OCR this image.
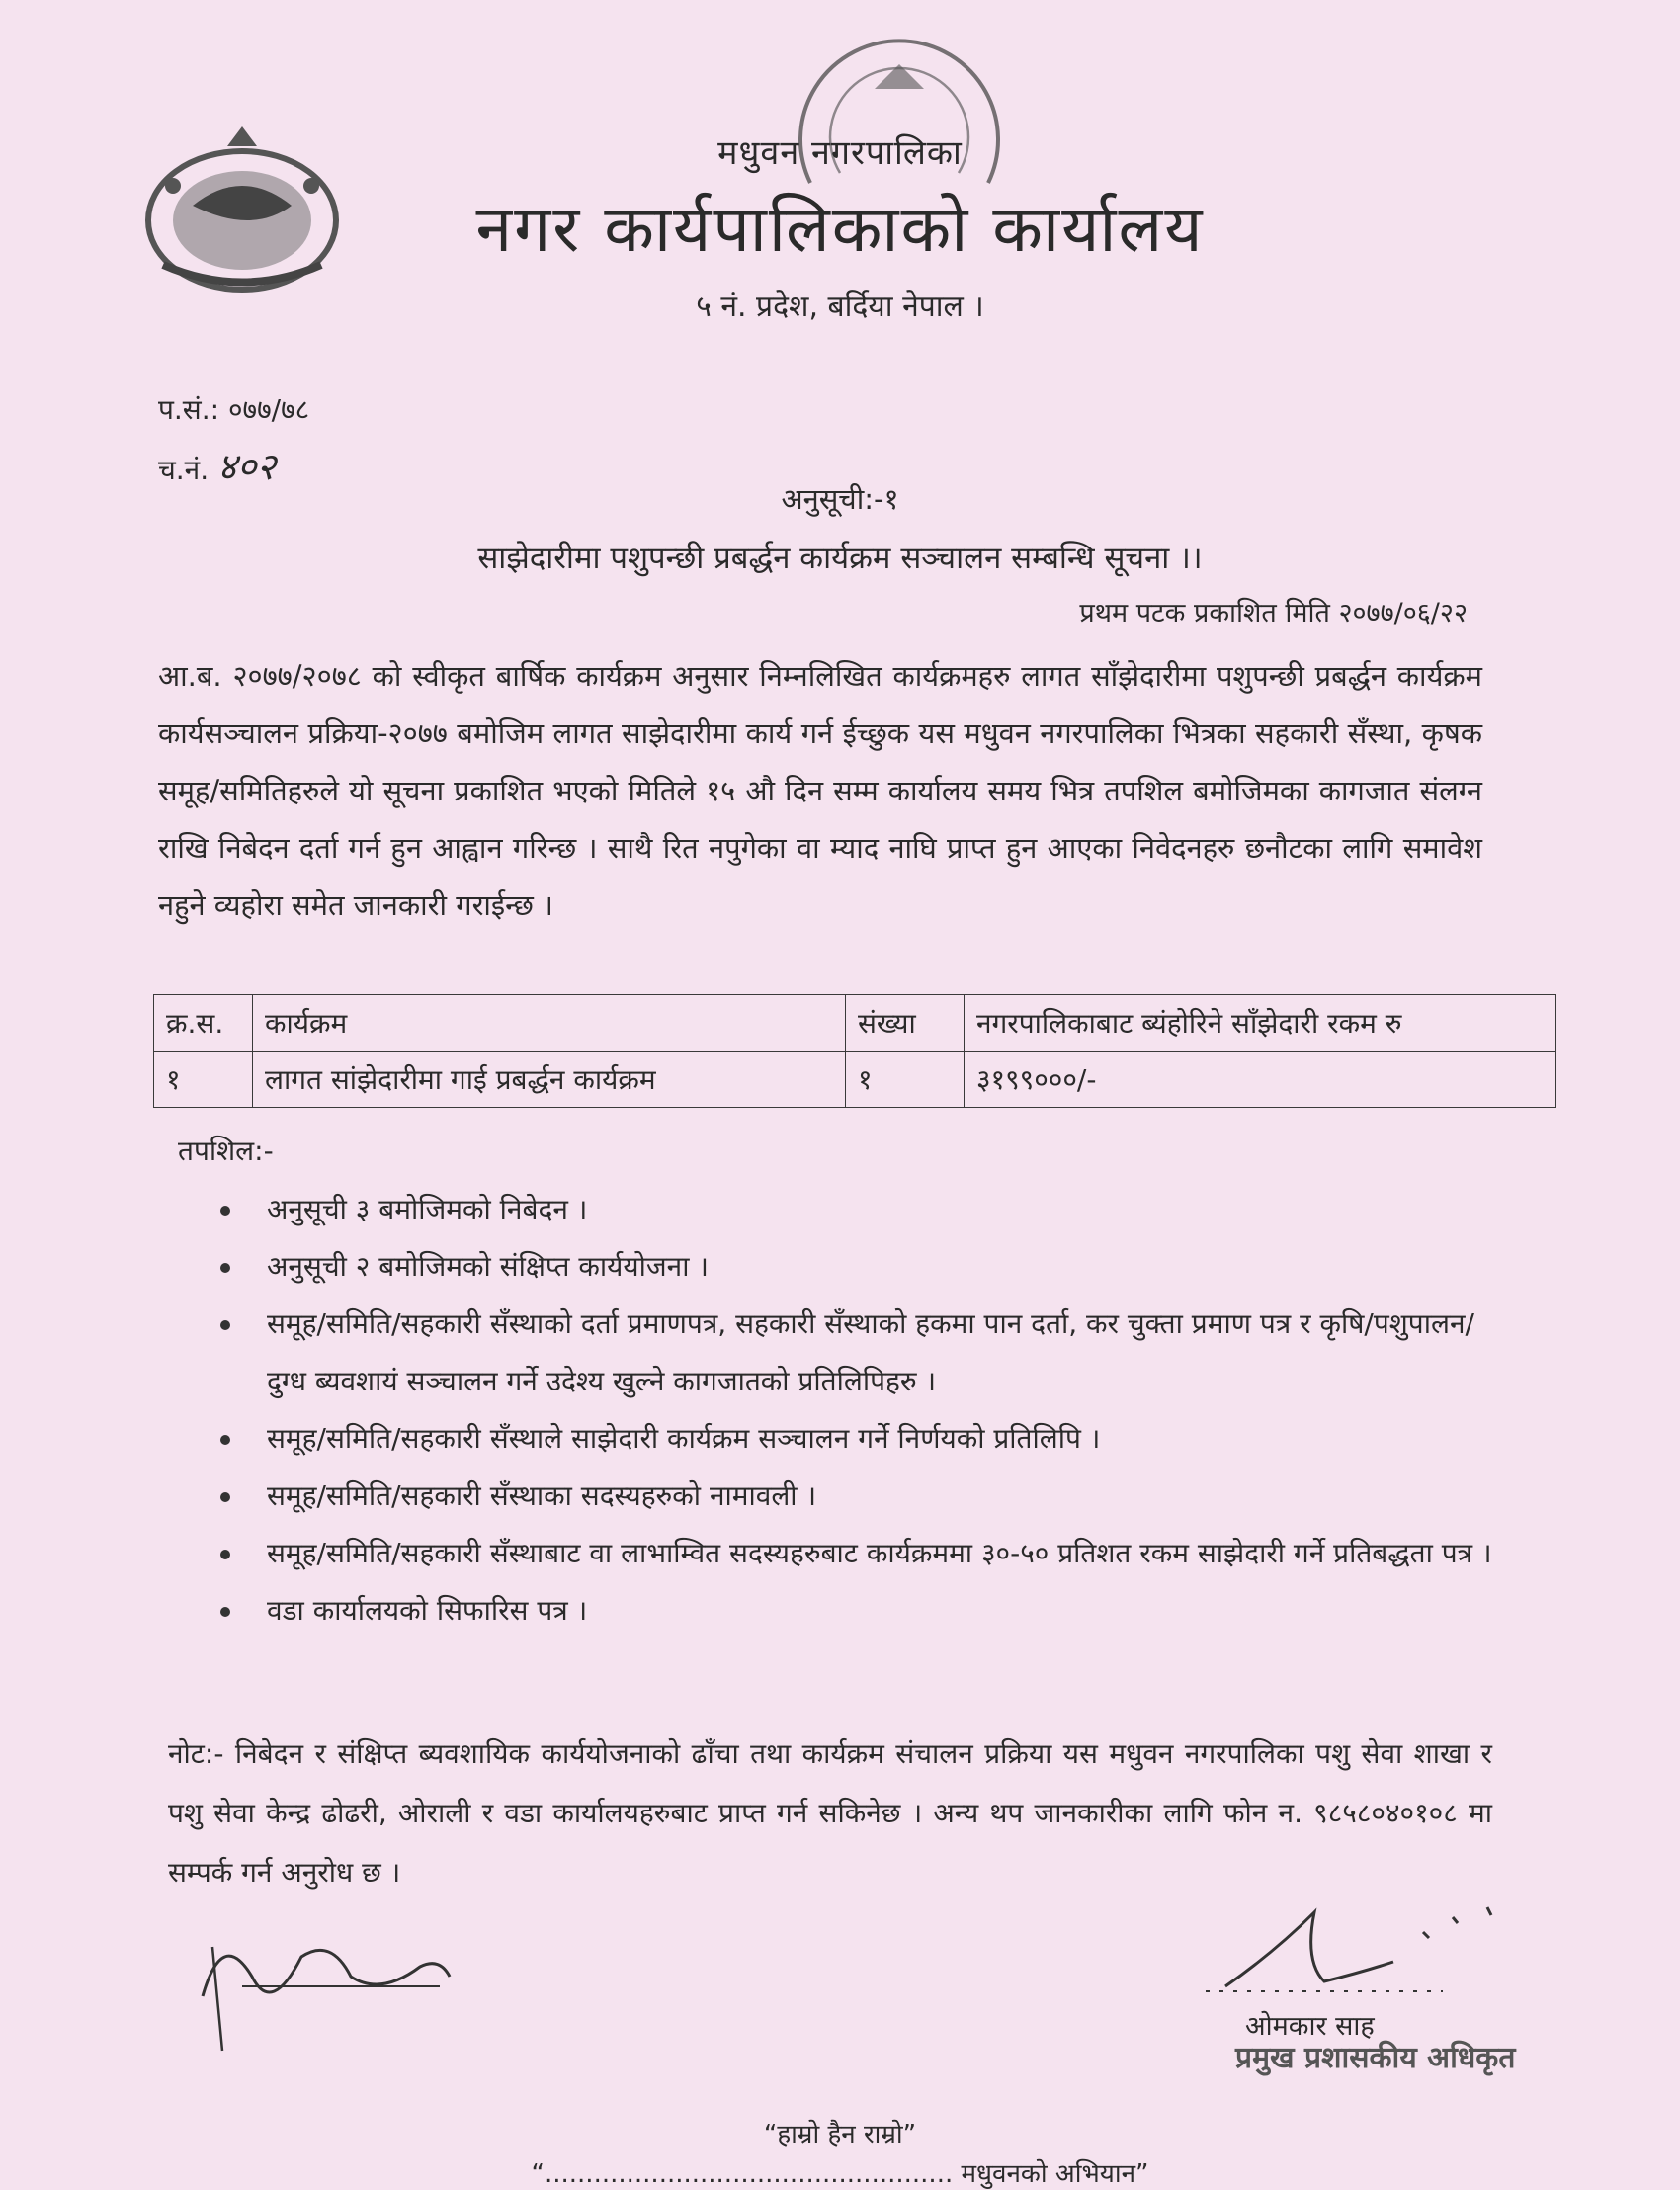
मधुवन नगरपालिका
नगर कार्यपालिकाको कार्यालय
५ नं. प्रदेश, बर्दिया नेपाल ।
प.सं.: ०७७/७८
च.नं. ४०२
अनुसूची:-१
साझेदारीमा पशुपन्छी प्रबर्द्धन कार्यक्रम सञ्चालन सम्बन्धि सूचना ।।
प्रथम पटक प्रकाशित मिति २०७७/०६/२२
आ.ब. २०७७/२०७८ को स्वीकृत बार्षिक कार्यक्रम अनुसार निम्नलिखित कार्यक्रमहरु लागत साँझेदारीमा पशुपन्छी प्रबर्द्धन कार्यक्रम कार्यसञ्चालन प्रक्रिया-२०७७ बमोजिम लागत साझेदारीमा कार्य गर्न ईच्छुक यस मधुवन नगरपालिका भित्रका सहकारी सँस्था, कृषक समूह/समितिहरुले यो सूचना प्रकाशित भएको मितिले १५ औ दिन सम्म कार्यालय समय भित्र तपशिल बमोजिमका कागजात संलग्न राखि निबेदन दर्ता गर्न हुन आह्वान गरिन्छ । साथै रित नपुगेका वा म्याद नाघि प्राप्त हुन आएका निवेदनहरु छनौटका लागि समावेश नहुने व्यहोरा समेत जानकारी गराईन्छ ।
क्र.स.	कार्यक्रम	संख्या	नगरपालिकाबाट ब्यंहोरिने साँझेदारी रकम रु
१	लागत सांझेदारीमा गाई प्रबर्द्धन कार्यक्रम	१	३१९९०००/-
तपशिल:-
अनुसूची ३ बमोजिमको निबेदन ।
अनुसूची २ बमोजिमको संक्षिप्त कार्ययोजना ।
समूह/समिति/सहकारी सँस्थाको दर्ता प्रमाणपत्र, सहकारी सँस्थाको हकमा पान दर्ता, कर चुक्ता प्रमाण पत्र र कृषि/पशुपालन/ दुग्ध ब्यवशायं सञ्चालन गर्ने उदेश्य खुल्ने कागजातको प्रतिलिपिहरु ।
समूह/समिति/सहकारी सँस्थाले साझेदारी कार्यक्रम सञ्चालन गर्ने निर्णयको प्रतिलिपि ।
समूह/समिति/सहकारी सँस्थाका सदस्यहरुको नामावली ।
समूह/समिति/सहकारी सँस्थाबाट वा लाभाम्वित सदस्यहरुबाट कार्यक्रममा ३०-५० प्रतिशत रकम साझेदारी गर्ने प्रतिबद्धता पत्र ।
वडा कार्यालयको सिफारिस पत्र ।
नोट:- निबेदन र संक्षिप्त ब्यवशायिक कार्ययोजनाको ढाँचा तथा कार्यक्रम संचालन प्रक्रिया यस मधुवन नगरपालिका पशु सेवा शाखा र पशु सेवा केन्द्र ढोढरी, ओराली र वडा कार्यालयहरुबाट प्राप्त गर्न सकिनेछ । अन्य थप जानकारीका लागि फोन न. ९८५८०४०१०८ मा सम्पर्क गर्न अनुरोध छ ।
ओमकार साह
प्रमुख प्रशासकीय अधिकृत
“हाम्रो हैन राम्रो”
“.................................................. मधुवनको अभियान”
